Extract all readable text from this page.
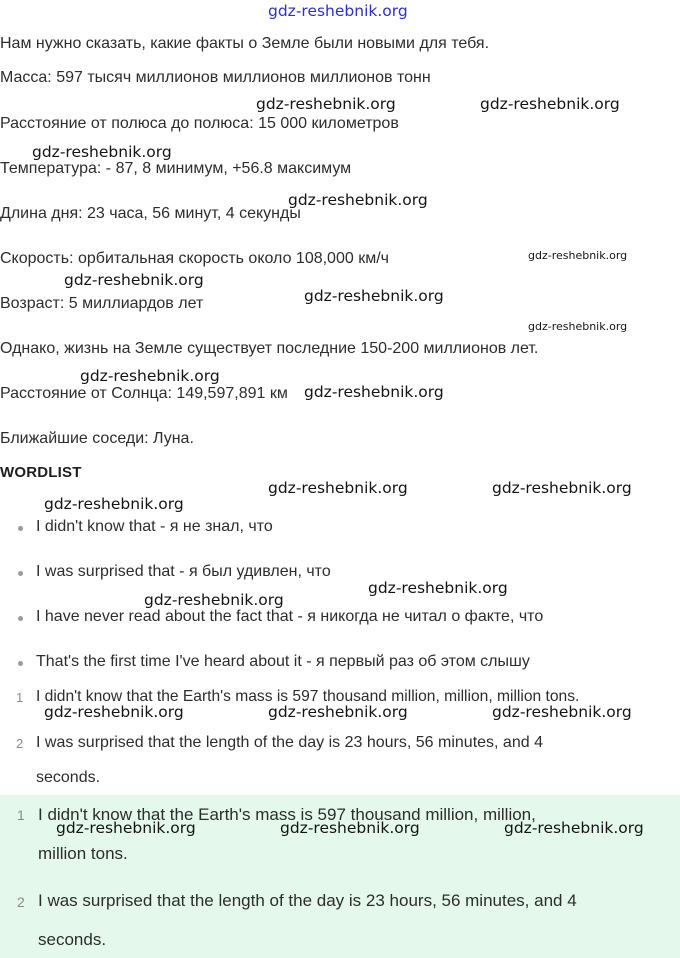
gdz-reshebnik.org
Нам нужно сказать, какие факты о Земле были новыми для тебя.
Масса: 597 тысяч миллионов миллионов миллионов тонн
Расстояние от полюса до полюса: 15 000 километров
Температура: - 87, 8 минимум, +56.8 максимум
Длина дня: 23 часа, 56 минут, 4 секунды
Скорость: орбитальная скорость около 108,000 км/ч
Возраст: 5 миллиардов лет
Однако, жизнь на Земле существует последние 150-200 миллионов лет.
Расстояние от Солнца: 149,597,891 км
Ближайшие соседи: Луна.
WORDLIST
I didn't know that - я не знал, что
I was surprised that - я был удивлен, что
I have never read about the fact that - я никогда не читал о факте, что
That's the first time I've heard about it - я первый раз об этом слышу
1 I didn't know that the Earth's mass is 597 thousand million, million, million tons.
2 I was surprised that the length of the day is 23 hours, 56 minutes, and 4
seconds.
1 I didn't know that the Earth's mass is 597 thousand million, million,
million tons.
2 I was surprised that the length of the day is 23 hours, 56 minutes, and 4
seconds.
gdz-reshebnik.org	gdz-reshebnik.org
gdz-reshebnik.org
gdz-reshebnik.org
gdz-reshebnik.org
gdz-reshebnik.org
gdz-reshebnik.org
gdz-reshebnik.org
gdz-reshebnik.org
gdz-reshebnik.org
gdz-reshebnik.org	gdz-reshebnik.org
gdz-reshebnik.org
gdz-reshebnik.org
gdz-reshebnik.org
gdz-reshebnik.org	gdz-reshebnik.org	gdz-reshebnik.org
gdz-reshebnik.org	gdz-reshebnik.org	gdz-reshebnik.org
